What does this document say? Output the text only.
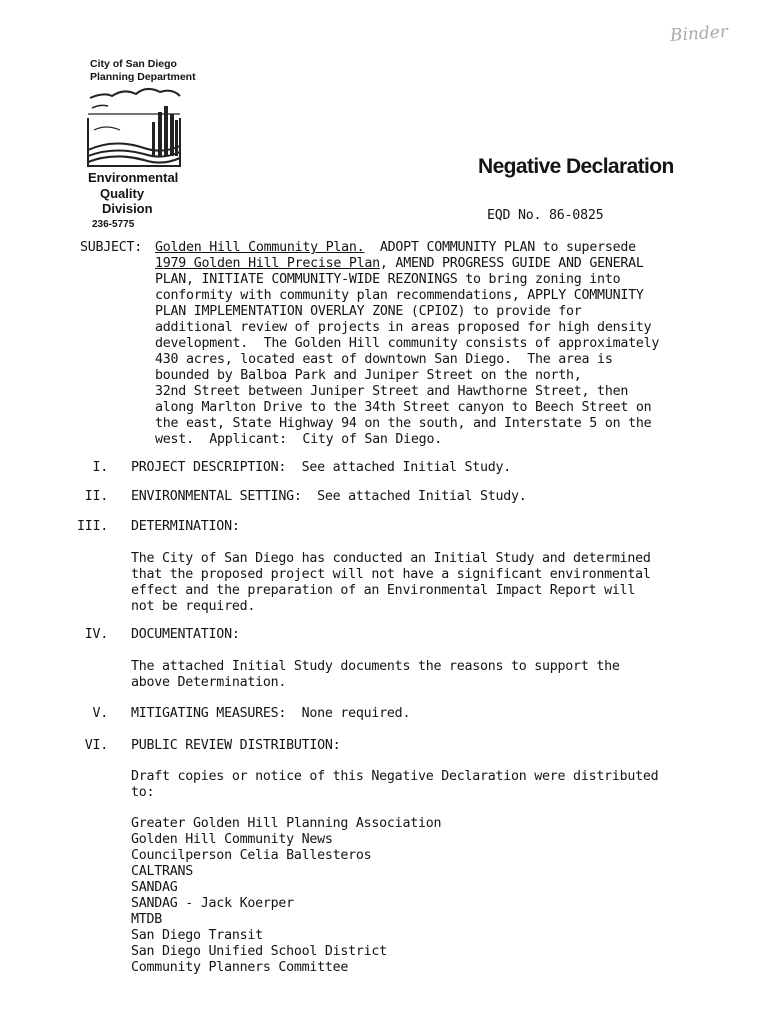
Binder
City of San Diego
Planning Department
Environmental
Quality
Division
236-5775
Negative Declaration
EQD No. 86-0825
SUBJECT: Golden Hill Community Plan.  ADOPT COMMUNITY PLAN to supersede
1979 Golden Hill Precise Plan, AMEND PROGRESS GUIDE AND GENERAL
PLAN, INITIATE COMMUNITY-WIDE REZONINGS to bring zoning into
conformity with community plan recommendations, APPLY COMMUNITY
PLAN IMPLEMENTATION OVERLAY ZONE (CPIOZ) to provide for
additional review of projects in areas proposed for high density
development.  The Golden Hill community consists of approximately
430 acres, located east of downtown San Diego.  The area is
bounded by Balboa Park and Juniper Street on the north,
32nd Street between Juniper Street and Hawthorne Street, then
along Marlton Drive to the 34th Street canyon to Beech Street on
the east, State Highway 94 on the south, and Interstate 5 on the
west.  Applicant:  City of San Diego.
I. PROJECT DESCRIPTION:  See attached Initial Study.
II. ENVIRONMENTAL SETTING:  See attached Initial Study.
III. DETERMINATION:
The City of San Diego has conducted an Initial Study and determined
that the proposed project will not have a significant environmental
effect and the preparation of an Environmental Impact Report will
not be required.
IV. DOCUMENTATION:
The attached Initial Study documents the reasons to support the
above Determination.
V. MITIGATING MEASURES:  None required.
VI. PUBLIC REVIEW DISTRIBUTION:
Draft copies or notice of this Negative Declaration were distributed
to:
Greater Golden Hill Planning Association
Golden Hill Community News
Councilperson Celia Ballesteros
CALTRANS
SANDAG
SANDAG - Jack Koerper
MTDB
San Diego Transit
San Diego Unified School District
Community Planners Committee
